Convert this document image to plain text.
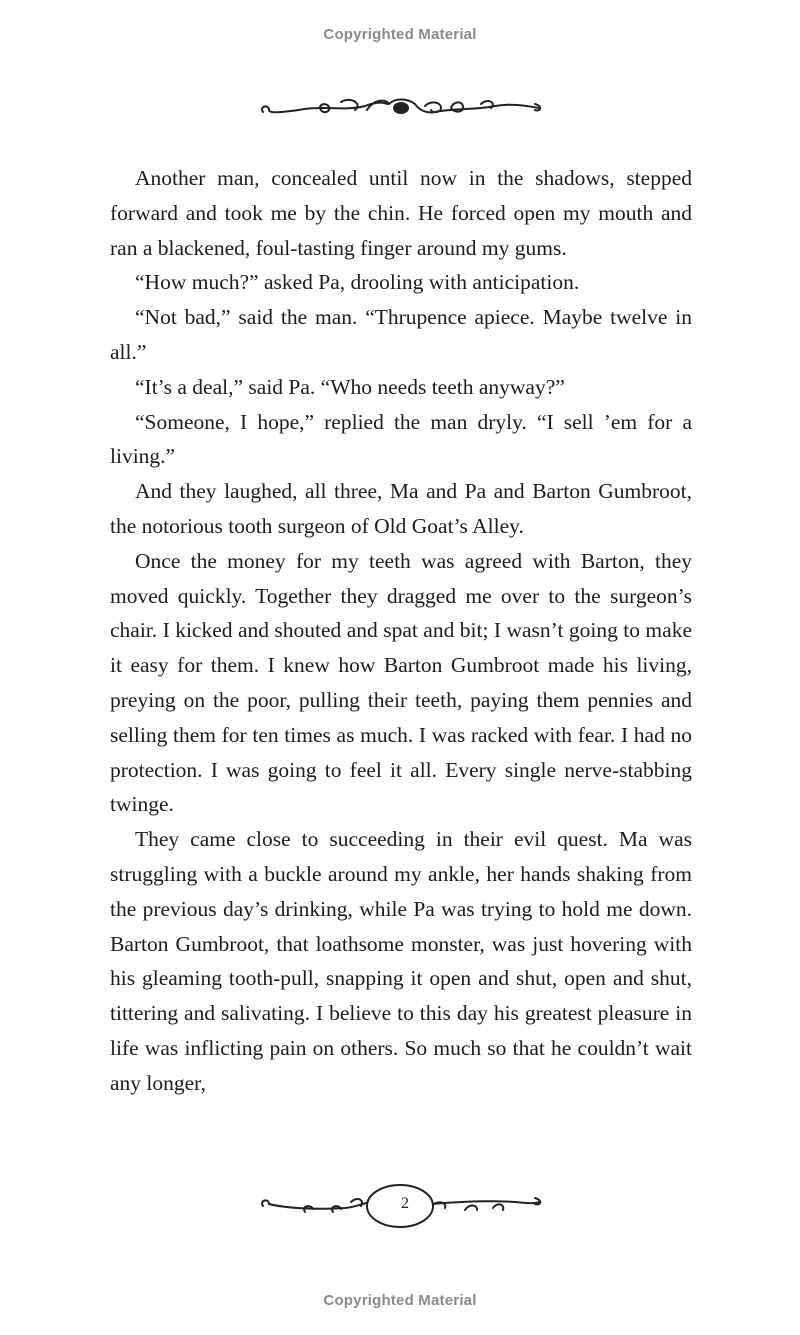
Copyrighted Material

Another man, concealed until now in the shadows, stepped forward and took me by the chin. He forced open my mouth and ran a blackened, foul-tasting finger around my gums.

“How much?” asked Pa, drooling with anticipation.

“Not bad,” said the man. “Thrupence apiece. Maybe twelve in all.”

“It’s a deal,” said Pa. “Who needs teeth anyway?”

“Someone, I hope,” replied the man dryly. “I sell ’em for a living.”

And they laughed, all three, Ma and Pa and Barton Gumbroot, the notorious tooth surgeon of Old Goat’s Alley.

Once the money for my teeth was agreed with Barton, they moved quickly. Together they dragged me over to the surgeon’s chair. I kicked and shouted and spat and bit; I wasn’t going to make it easy for them. I knew how Barton Gumbroot made his living, preying on the poor, pulling their teeth, paying them pennies and selling them for ten times as much. I was racked with fear. I had no protection. I was going to feel it all. Every single nerve-stabbing twinge.

They came close to succeeding in their evil quest. Ma was struggling with a buckle around my ankle, her hands shaking from the previous day’s drinking, while Pa was trying to hold me down. Barton Gumbroot, that loathsome monster, was just hovering with his gleaming tooth-pull, snapping it open and shut, open and shut, tittering and salivating. I believe to this day his greatest pleasure in life was inflicting pain on others. So much so that he couldn’t wait any longer,

2
Copyrighted Material
